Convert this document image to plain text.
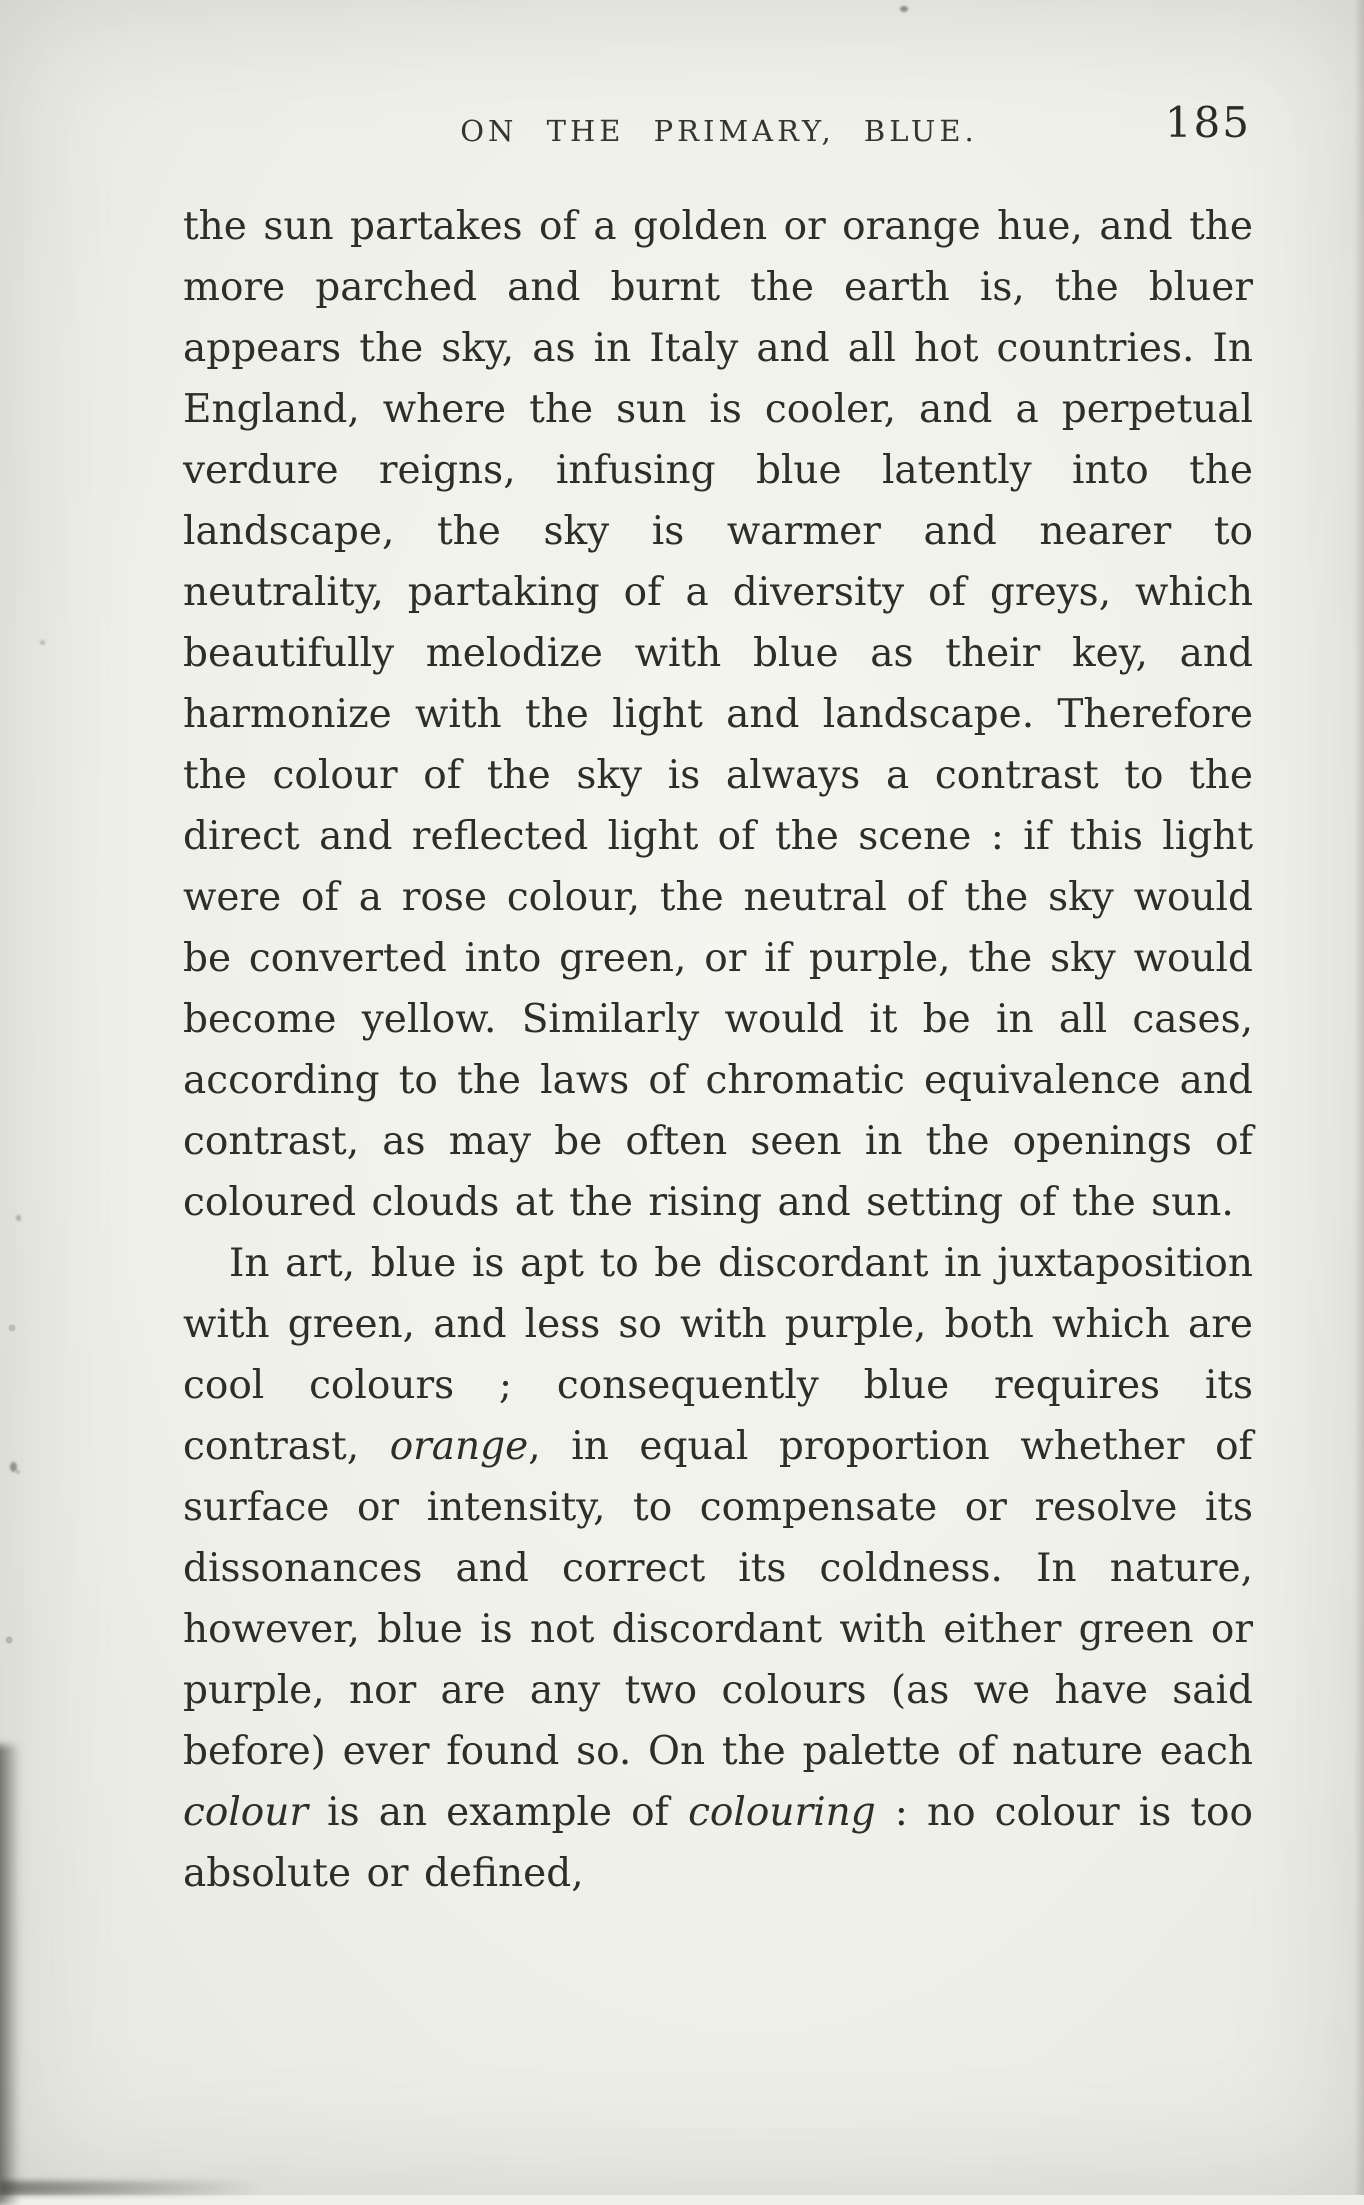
ON THE PRIMARY, BLUE.	185

the sun partakes of a golden or orange hue, and the more parched and burnt the earth is, the bluer appears the sky, as in Italy and all hot countries. In England, where the sun is cooler, and a perpetual verdure reigns, infusing blue latently into the landscape, the sky is warmer and nearer to neutrality, partaking of a diversity of greys, which beautifully melodize with blue as their key, and harmonize with the light and landscape. Therefore the colour of the sky is always a contrast to the direct and reflected light of the scene : if this light were of a rose colour, the neutral of the sky would be converted into green, or if purple, the sky would become yellow. Similarly would it be in all cases, according to the laws of chromatic equivalence and contrast, as may be often seen in the openings of coloured clouds at the rising and setting of the sun.

In art, blue is apt to be discordant in juxtaposition with green, and less so with purple, both which are cool colours ; consequently blue requires its contrast, orange, in equal proportion whether of surface or intensity, to compensate or resolve its dissonances and correct its coldness. In nature, however, blue is not discordant with either green or purple, nor are any two colours (as we have said before) ever found so. On the palette of nature each colour is an example of colouring : no colour is too absolute or defined,
